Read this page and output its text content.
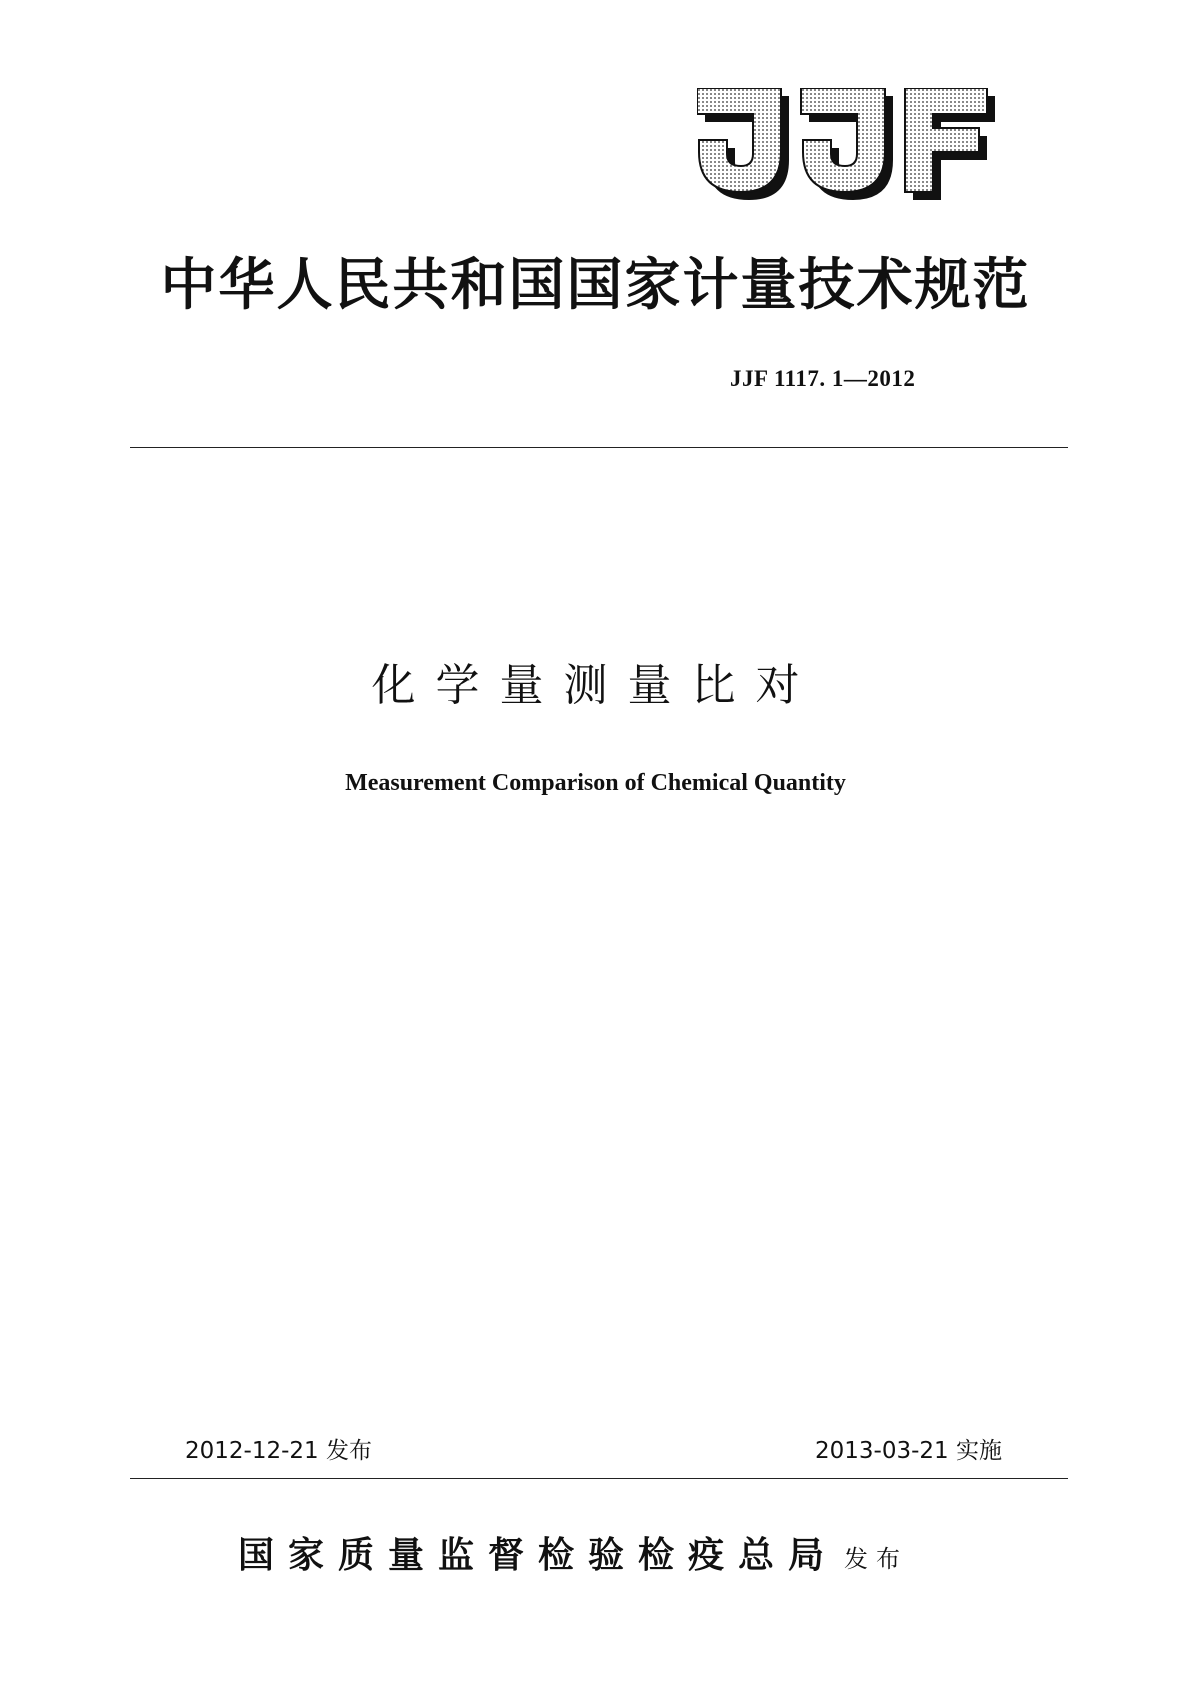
中华人民共和国国家计量技术规范
JJF 1117. 1—2012
化学量测量比对
Measurement Comparison of Chemical Quantity
2012-12-21 发布	2013-03-21 实施
国家质量监督检验检疫总局 发布
